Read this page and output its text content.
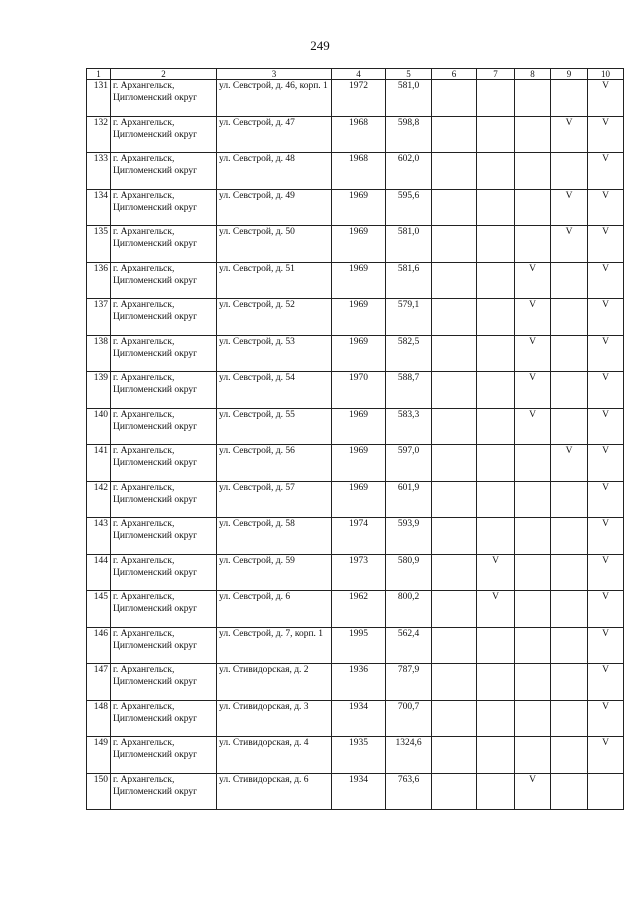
249
1	2	3	4	5	6	7	8	9	10
131	г. Архангельск, Цигломенский округ	ул. Севстрой, д. 46, корп. 1	1972	581,0					V
132	г. Архангельск, Цигломенский округ	ул. Севстрой, д. 47	1968	598,8				V	V
133	г. Архангельск, Цигломенский округ	ул. Севстрой, д. 48	1968	602,0					V
134	г. Архангельск, Цигломенский округ	ул. Севстрой, д. 49	1969	595,6				V	V
135	г. Архангельск, Цигломенский округ	ул. Севстрой, д. 50	1969	581,0				V	V
136	г. Архангельск, Цигломенский округ	ул. Севстрой, д. 51	1969	581,6			V		V
137	г. Архангельск, Цигломенский округ	ул. Севстрой, д. 52	1969	579,1			V		V
138	г. Архангельск, Цигломенский округ	ул. Севстрой, д. 53	1969	582,5			V		V
139	г. Архангельск, Цигломенский округ	ул. Севстрой, д. 54	1970	588,7			V		V
140	г. Архангельск, Цигломенский округ	ул. Севстрой, д. 55	1969	583,3			V		V
141	г. Архангельск, Цигломенский округ	ул. Севстрой, д. 56	1969	597,0				V	V
142	г. Архангельск, Цигломенский округ	ул. Севстрой, д. 57	1969	601,9					V
143	г. Архангельск, Цигломенский округ	ул. Севстрой, д. 58	1974	593,9					V
144	г. Архангельск, Цигломенский округ	ул. Севстрой, д. 59	1973	580,9		V			V
145	г. Архангельск, Цигломенский округ	ул. Севстрой, д. 6	1962	800,2		V			V
146	г. Архангельск, Цигломенский округ	ул. Севстрой, д. 7, корп. 1	1995	562,4					V
147	г. Архангельск, Цигломенский округ	ул. Стивидорская, д. 2	1936	787,9					V
148	г. Архангельск, Цигломенский округ	ул. Стивидорская, д. 3	1934	700,7					V
149	г. Архангельск, Цигломенский округ	ул. Стивидорская, д. 4	1935	1324,6					V
150	г. Архангельск, Цигломенский округ	ул. Стивидорская, д. 6	1934	763,6			V		
